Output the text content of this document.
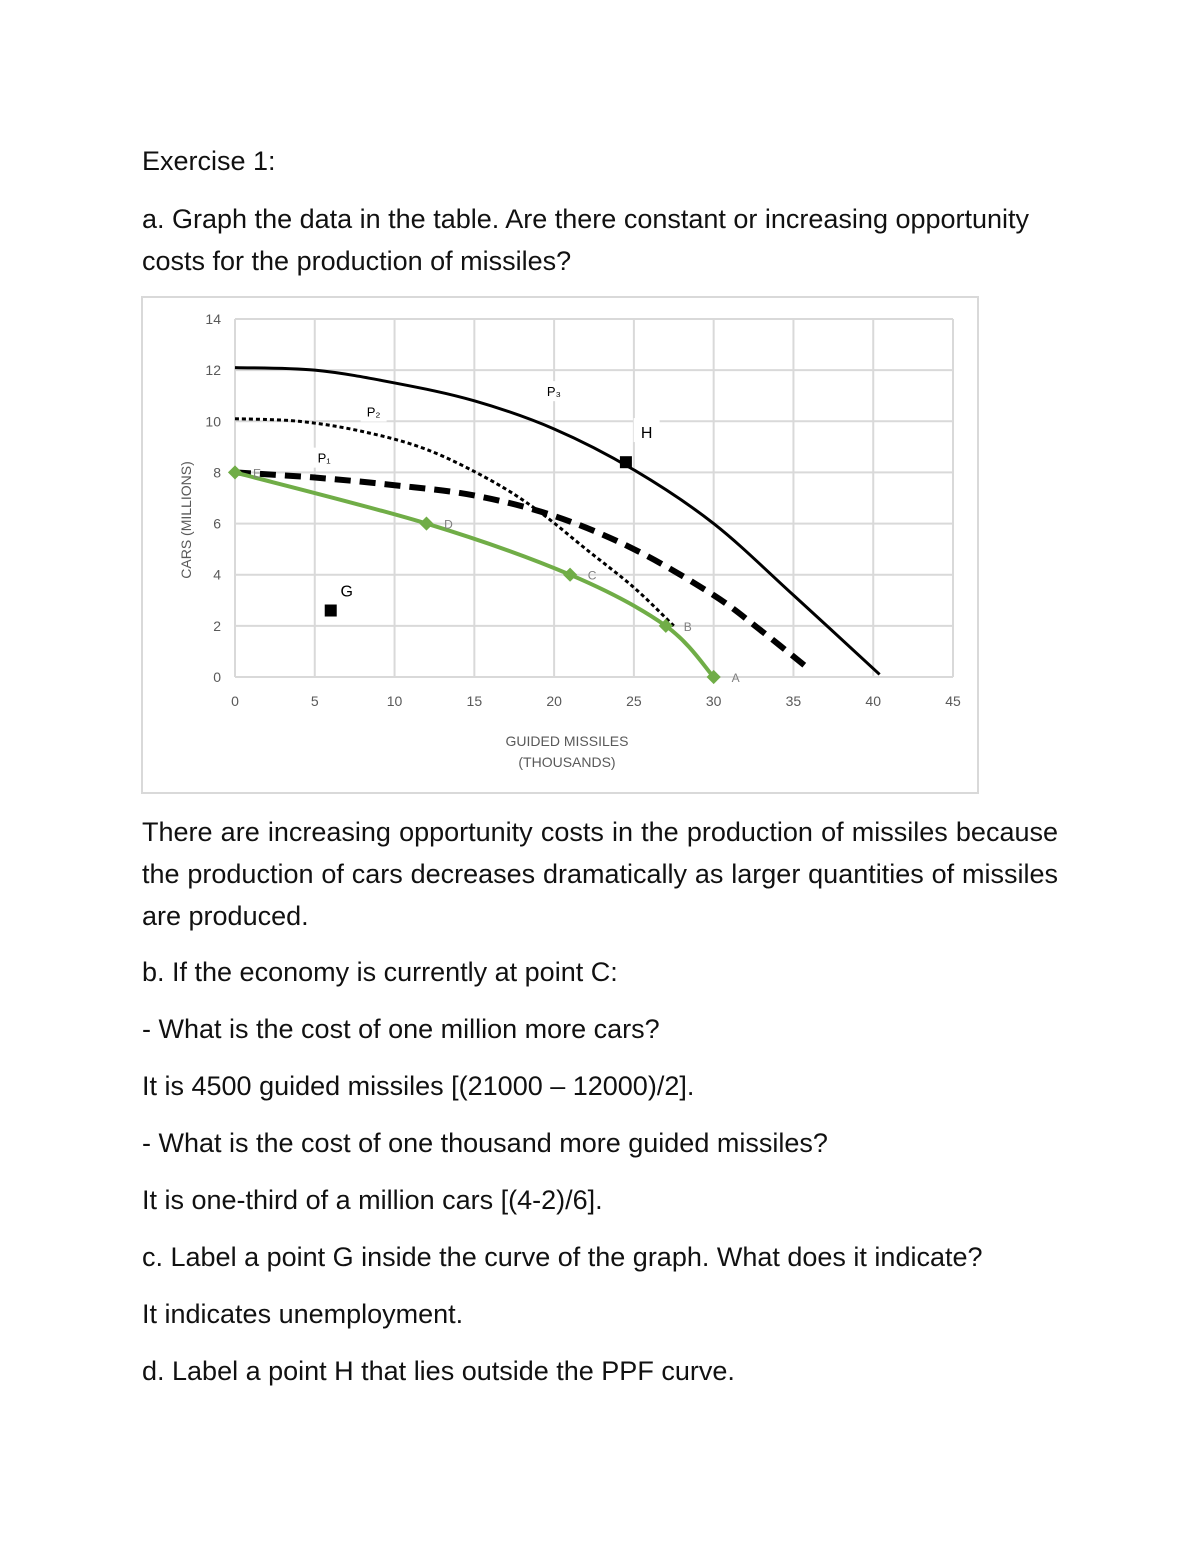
Exercise 1:

a. Graph the data in the table. Are there constant or increasing opportunity costs for the production of missiles?

0	5	10	15	20	25	30	35	40	45
0
2
4
6
8
10
12
14
GUIDED MISSILES
(THOUSANDS)
CARS (MILLIONS)
P₁
P₂
P₃
E
D
C
B
A
G
H

There are increasing opportunity costs in the production of missiles because the production of cars decreases dramatically as larger quantities of missiles are produced.

b. If the economy is currently at point C:

- What is the cost of one million more cars?

It is 4500 guided missiles [(21000 – 12000)/2].

- What is the cost of one thousand more guided missiles?

It is one-third of a million cars [(4-2)/6].

c. Label a point G inside the curve of the graph. What does it indicate?

It indicates unemployment.

d. Label a point H that lies outside the PPF curve.
